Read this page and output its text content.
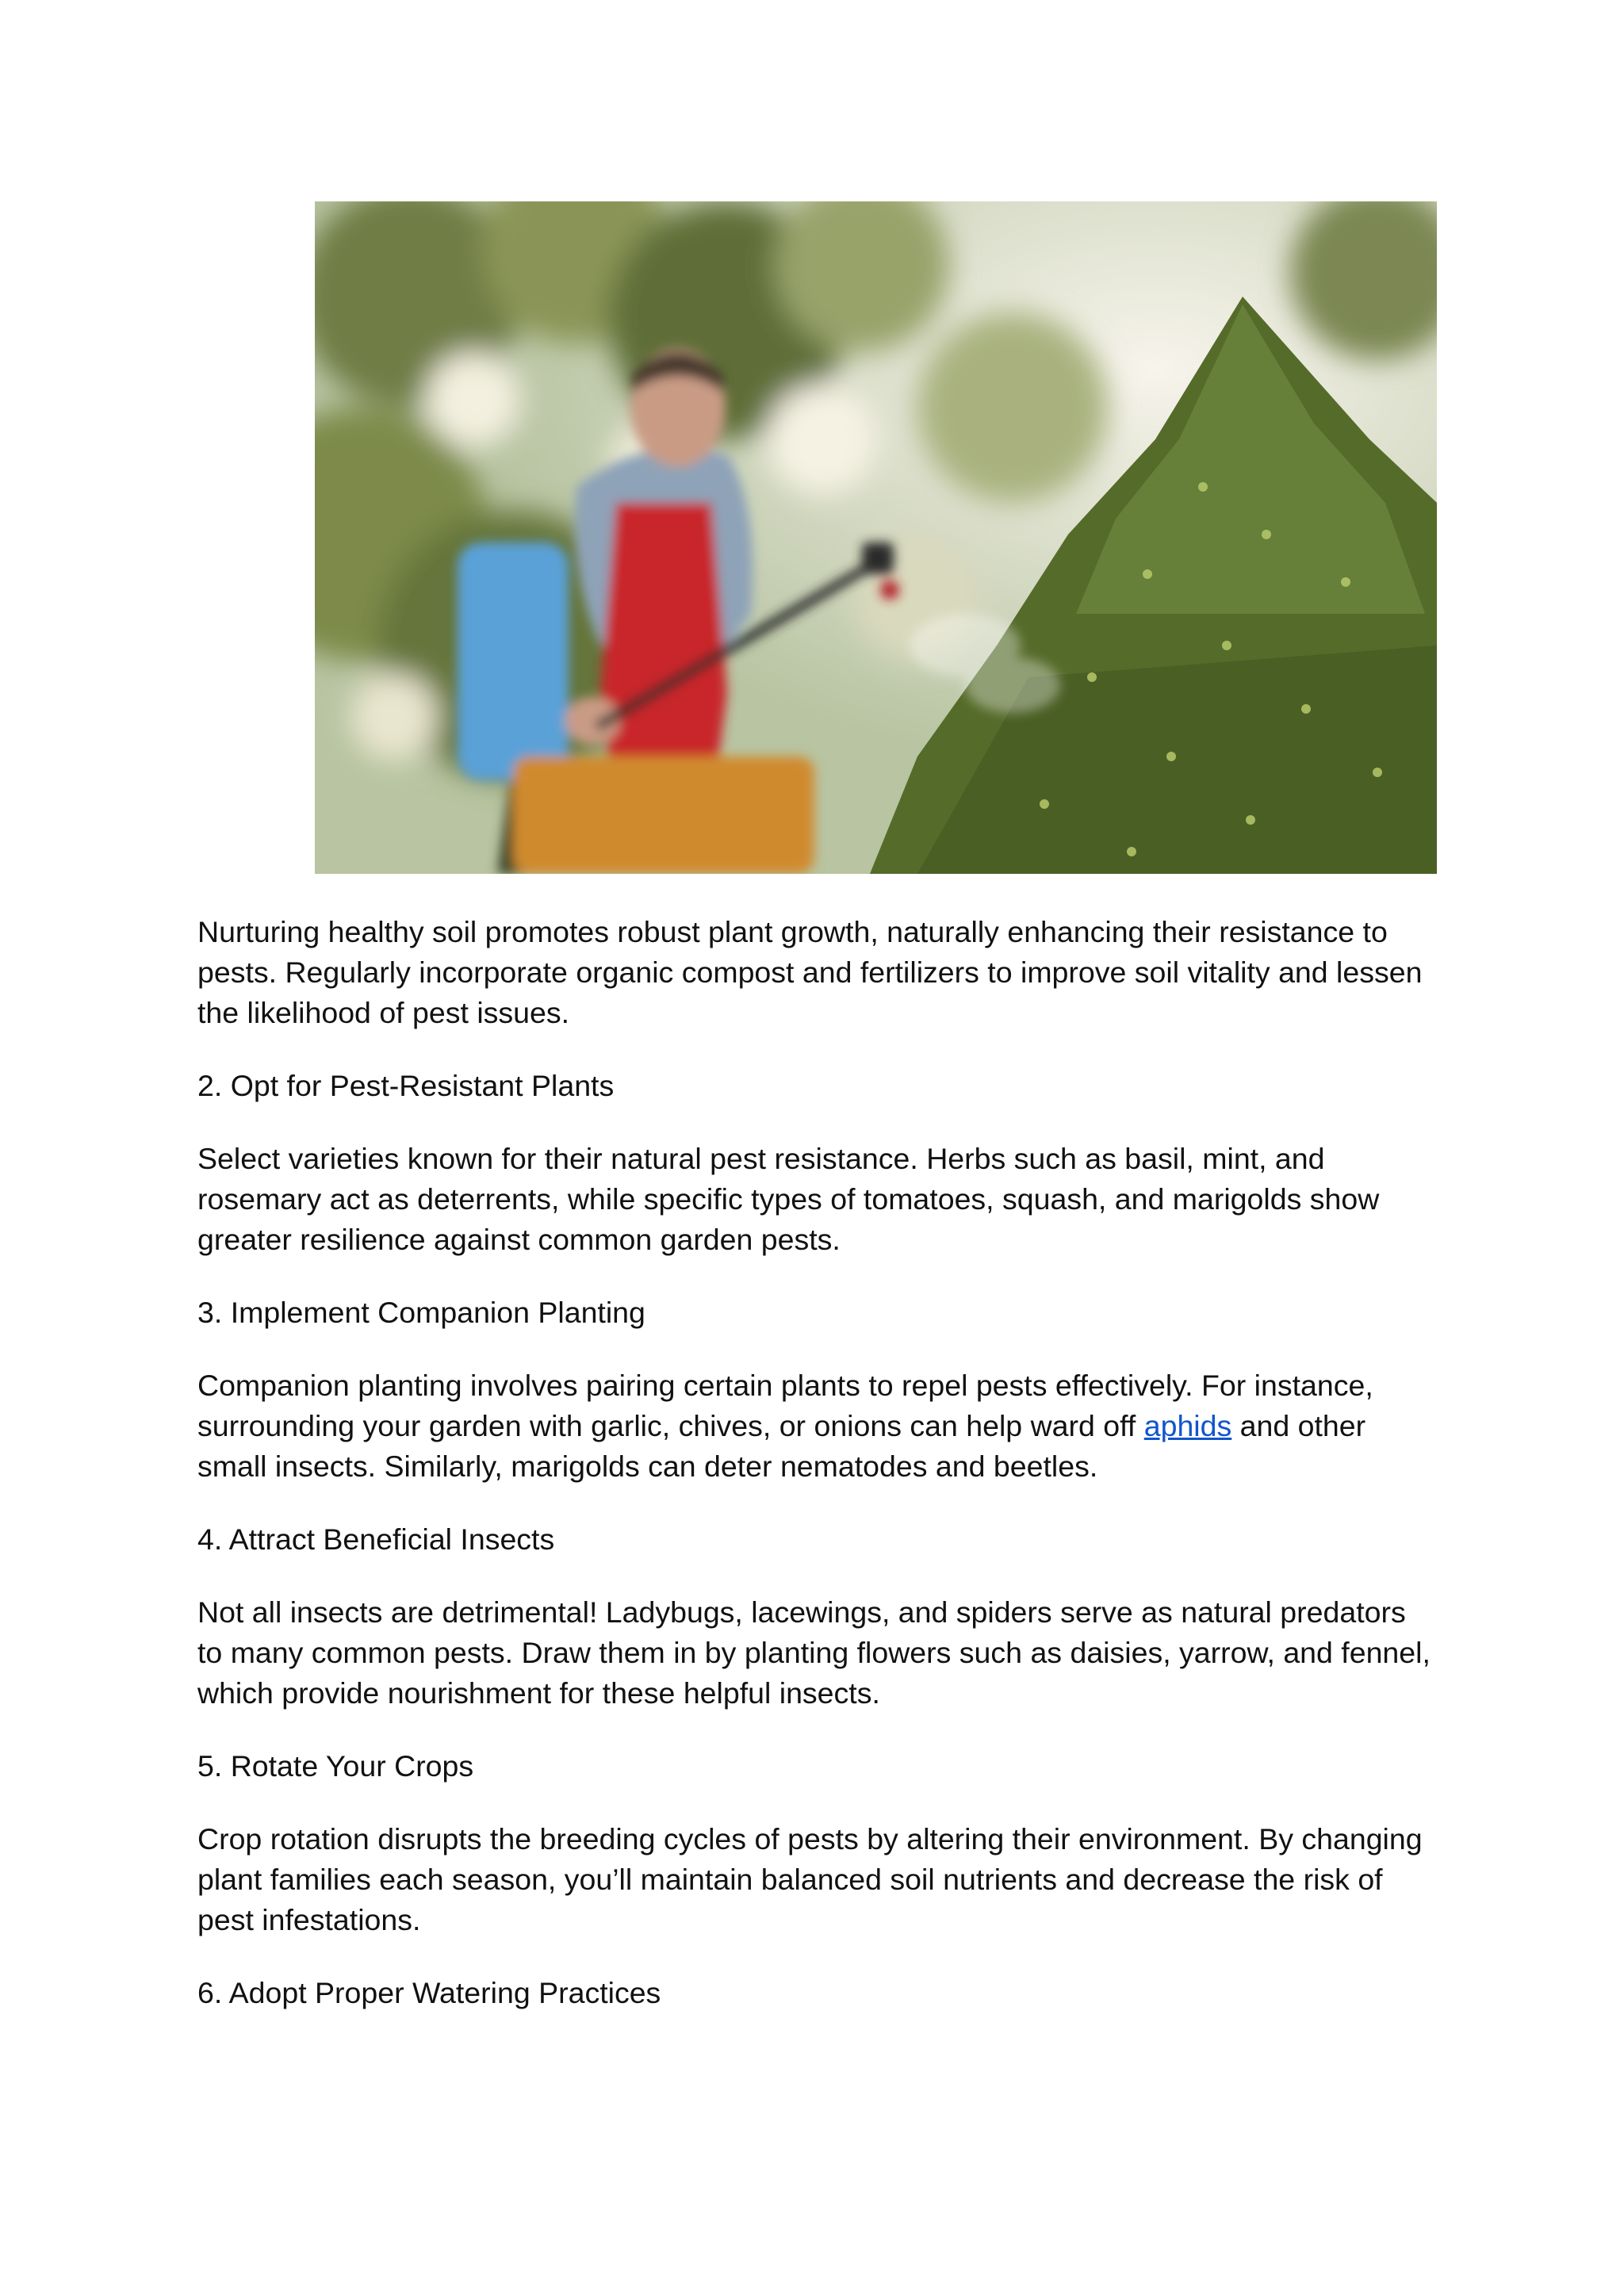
Nurturing healthy soil promotes robust plant growth, naturally enhancing their resistance to pests. Regularly incorporate organic compost and fertilizers to improve soil vitality and lessen the likelihood of pest issues.

2. Opt for Pest-Resistant Plants

Select varieties known for their natural pest resistance. Herbs such as basil, mint, and rosemary act as deterrents, while specific types of tomatoes, squash, and marigolds show greater resilience against common garden pests.

3. Implement Companion Planting

Companion planting involves pairing certain plants to repel pests effectively. For instance, surrounding your garden with garlic, chives, or onions can help ward off aphids and other small insects. Similarly, marigolds can deter nematodes and beetles.

4. Attract Beneficial Insects

Not all insects are detrimental! Ladybugs, lacewings, and spiders serve as natural predators to many common pests. Draw them in by planting flowers such as daisies, yarrow, and fennel, which provide nourishment for these helpful insects.

5. Rotate Your Crops

Crop rotation disrupts the breeding cycles of pests by altering their environment. By changing plant families each season, you’ll maintain balanced soil nutrients and decrease the risk of pest infestations.

6. Adopt Proper Watering Practices
